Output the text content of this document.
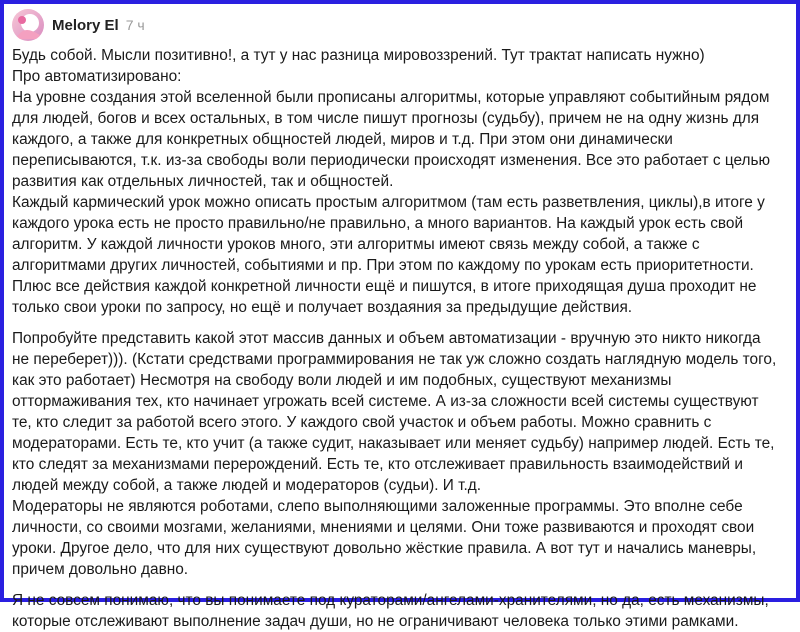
Melory El 7 ч

Будь собой. Мысли позитивно!, а тут у нас разница мировоззрений. Тут трактат написать нужно)
Про автоматизировано:
На уровне создания этой вселенной были прописаны алгоритмы, которые управляют событийным рядом
для людей, богов и всех остальных, в том числе пишут прогнозы (судьбу), причем не на одну жизнь для
каждого, а также для конкретных общностей людей, миров и т.д. При этом они динамически
переписываются, т.к. из-за свободы воли периодически происходят изменения. Все это работает с целью
развития как отдельных личностей, так и общностей.
Каждый кармический урок можно описать простым алгоритмом (там есть разветвления, циклы),в итоге у
каждого урока есть не просто правильно/не правильно, а много вариантов. На каждый урок есть свой
алгоритм. У каждой личности уроков много, эти алгоритмы имеют связь между собой, а также с
алгоритмами других личностей, событиями и пр. При этом по каждому по урокам есть приоритетности.
Плюс все действия каждой конкретной личности ещё и пишутся, в итоге приходящая душа проходит не
только свои уроки по запросу, но ещё и получает воздаяния за предыдущие действия.

Попробуйте представить какой этот массив данных и объем автоматизации - вручную это никто никогда
не переберет))). (Кстати средствами программирования не так уж сложно создать наглядную модель того,
как это работает) Несмотря на свободу воли людей и им подобных, существуют механизмы
оттормаживания тех, кто начинает угрожать всей системе. А из-за сложности всей системы существуют
те, кто следит за работой всего этого. У каждого свой участок и объем работы. Можно сравнить с
модераторами. Есть те, кто учит (а также судит, наказывает или меняет судьбу) например людей. Есть те,
кто следят за механизмами перерождений. Есть те, кто отслеживает правильность взаимодействий и
людей между собой, а также людей и модераторов (судьи). И т.д.
Модераторы не являются роботами, слепо выполняющими заложенные программы. Это вполне себе
личности, со своими мозгами, желаниями, мнениями и целями. Они тоже развиваются и проходят свои
уроки. Другое дело, что для них существуют довольно жёсткие правила. А вот тут и начались маневры,
причем довольно давно.

Я не совсем понимаю, что вы понимаете под кураторами/ангелами-хранителями, но да, есть механизмы,
которые отслеживают выполнение задач души, но не ограничивают человека только этими рамками.
